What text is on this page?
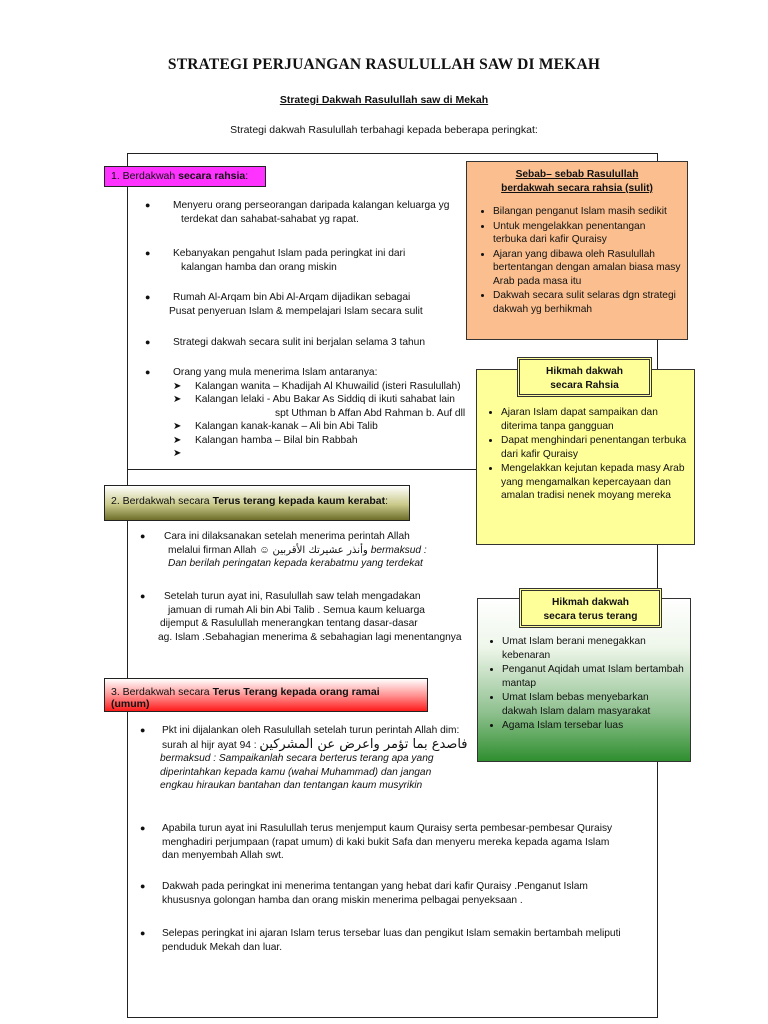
STRATEGI PERJUANGAN RASULULLAH SAW DI MEKAH
Strategi Dakwah Rasulullah saw di Mekah
Strategi dakwah Rasulullah terbahagi kepada beberapa peringkat:
1. Berdakwah secara rahsia:
● Menyeru orang perseorangan daripada kalangan keluarga yg
terdekat dan sahabat-sahabat yg rapat.
● Kebanyakan pengahut Islam pada peringkat ini dari
kalangan hamba dan orang miskin
● Rumah Al-Arqam bin Abi Al-Arqam dijadikan sebagai
Pusat penyeruan Islam & mempelajari Islam secara sulit
● Strategi dakwah secara sulit ini berjalan selama 3 tahun
● Orang yang mula menerima Islam antaranya:
➤ Kalangan wanita – Khadijah Al Khuwailid (isteri Rasulullah)
➤ Kalangan lelaki - Abu Bakar As Siddiq di ikuti sahabat lain
spt Uthman b Affan Abd Rahman b. Auf dll
➤ Kalangan kanak-kanak – Ali bin Abi Talib
➤ Kalangan hamba – Bilal bin Rabbah
➤
Sebab– sebab Rasulullah
berdakwah secara rahsia (sulit)
• Bilangan penganut Islam masih sedikit
• Untuk mengelakkan penentangan terbuka dari kafir Quraisy
• Ajaran yang dibawa oleh Rasulullah bertentangan dengan amalan biasa masy Arab pada masa itu
• Dakwah secara sulit selaras dgn strategi dakwah yg berhikmah
• Ajaran Islam dapat sampaikan dan diterima tanpa gangguan
• Dapat menghindari penentangan terbuka dari kafir Quraisy
• Mengelakkan kejutan kepada masy Arab yang mengamalkan kepercayaan dan amalan tradisi nenek moyang mereka
Hikmah dakwah
secara Rahsia
2. Berdakwah secara Terus terang kepada kaum kerabat:
● Cara ini dilaksanakan setelah menerima perintah Allah
melalui firman Allah ☺ وأنذر عشيرتك الأقربين bermaksud :
Dan berilah peringatan kepada kerabatmu yang terdekat
● Setelah turun ayat ini, Rasulullah saw telah mengadakan
jamuan di rumah Ali bin Abi Talib . Semua kaum keluarga
dijemput & Rasulullah menerangkan tentang dasar-dasar
ag. Islam .Sebahagian menerima & sebahagian lagi menentangnya
•	Umat Islam berani menegakkan kebenaran
• Penganut Aqidah umat Islam bertambah mantap
• Umat Islam bebas menyebarkan dakwah Islam dalam masyarakat
• Agama Islam tersebar luas
Hikmah dakwah
secara terus terang
3. Berdakwah secara Terus Terang kepada orang ramai (umum)
● Pkt ini dijalankan oleh Rasulullah setelah turun perintah Allah dim:
surah al hijr ayat 94 : فاصدع بما تؤمر واعرض عن المشركين
bermaksud : Sampaikanlah secara berterus terang apa yang
diperintahkan kepada kamu (wahai Muhammad) dan jangan
engkau hiraukan bantahan dan tentangan kaum musyrikin
● Apabila turun ayat ini Rasulullah terus menjemput kaum Quraisy serta pembesar-pembesar Quraisy
menghadiri perjumpaan (rapat umum) di kaki bukit Safa dan menyeru mereka kepada agama Islam
dan menyembah Allah swt.
● Dakwah pada peringkat ini menerima tentangan yang hebat dari kafir Quraisy .Penganut Islam
khususnya golongan hamba dan orang miskin menerima pelbagai penyeksaan .
● Selepas peringkat ini ajaran Islam terus tersebar luas dan pengikut Islam semakin bertambah meliputi
penduduk Mekah dan luar.
